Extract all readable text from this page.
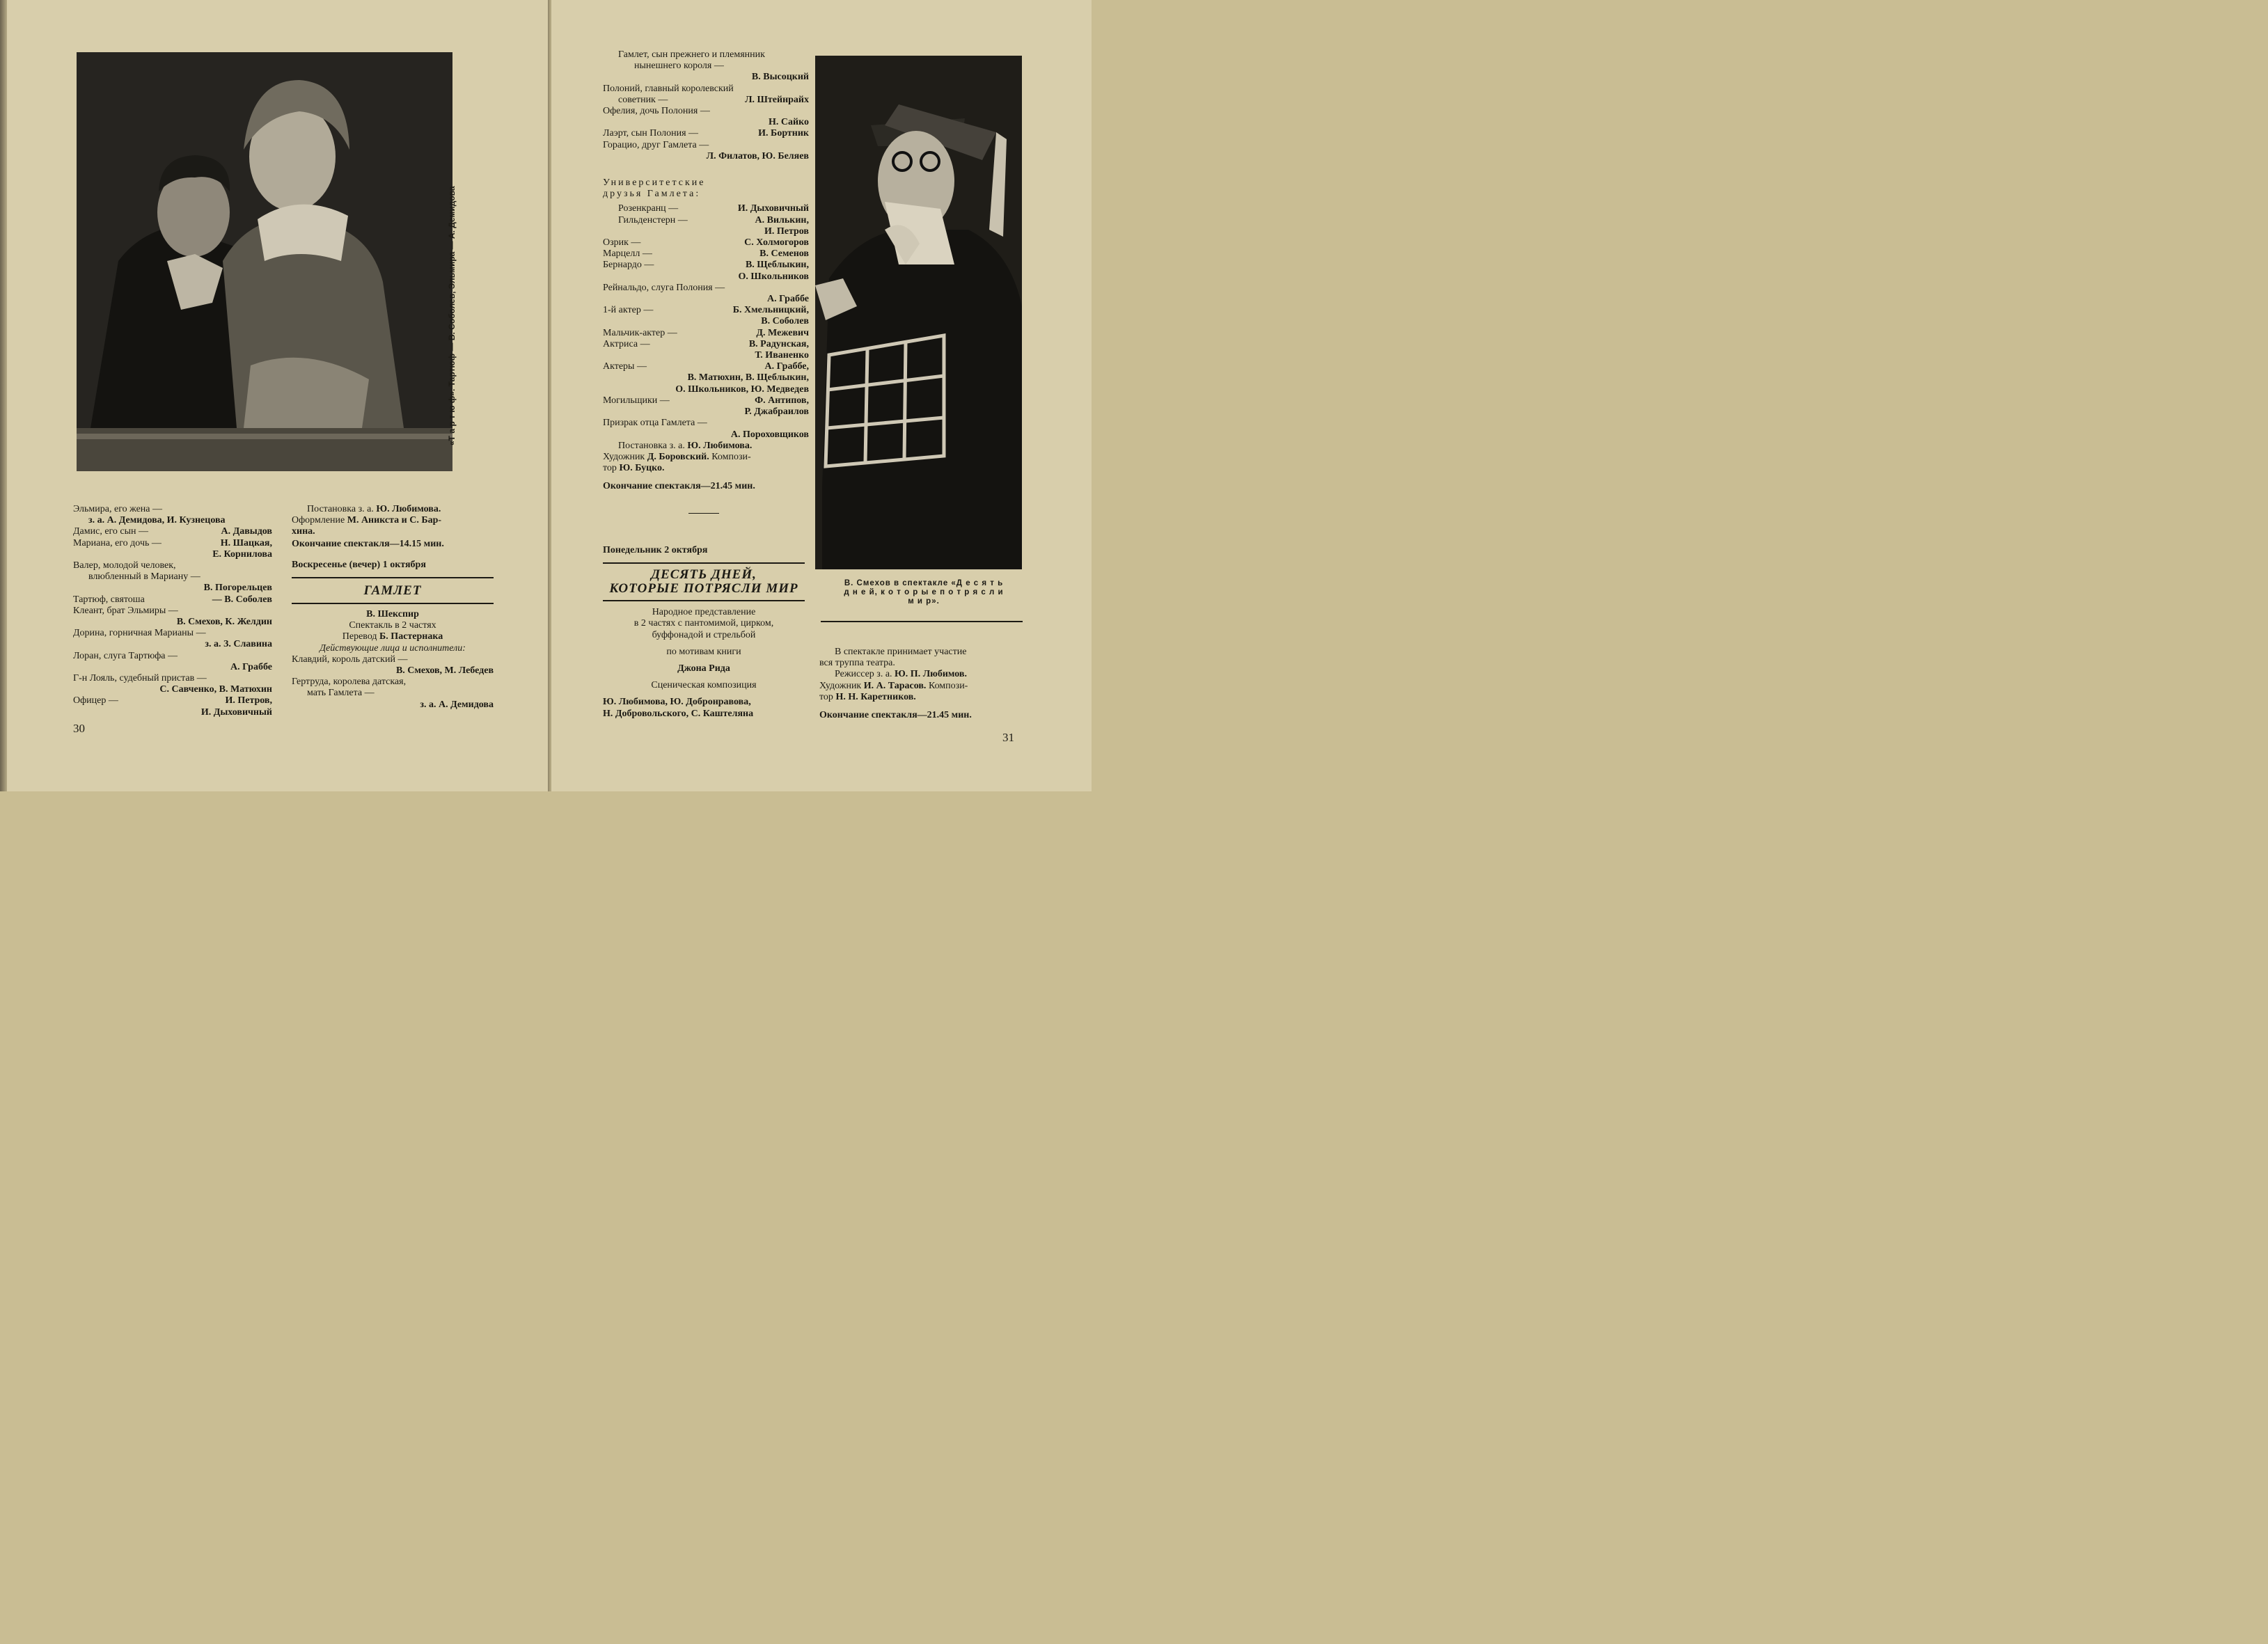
«Т а р т ю ф». Тартюф — В. Соболев, Эльмира — А. Демидова
Эльмира, его жена —
з. а. А. Демидова, И. Кузнецова
Дамис, его сын —	А. Давыдов
Мариана, его дочь —	Н. Шацкая,
Е. Корнилова
Валер, молодой человек,
влюбленный в Мариану —
В. Погорельцев
Тартюф, святоша	— В. Соболев
Клеант, брат Эльмиры —
В. Смехов, К. Желдин
Дорина, горничная Марианы —
з. а. З. Славина
Лоран, слуга Тартюфа —
А. Граббе
Г-н Лояль, судебный пристав —
С. Савченко, В. Матюхин
Офицер —	И. Петров,
И. Дыховичный
Постановка з. а. Ю. Любимова.
Оформление М. Аникста и С. Бар-
хина.
Окончание спектакля—14.15 мин.
Воскресенье (вечер) 1 октября
ГАМЛЕТ
В. Шекспир
Спектакль в 2 частях
Перевод Б. Пастернака
Действующие лица и исполнители:
Клавдий, король датский —
В. Смехов, М. Лебедев
Гертруда, королева датская,
мать Гамлета —
з. а. А. Демидова
30
Гамлет, сын прежнего и племянник
нынешнего короля —
В. Высоцкий
Полоний, главный королевский
советник —	Л. Штейнрайх
Офелия, дочь Полония —
Н. Сайко
Лаэрт, сын Полония —	И. Бортник
Горацио, друг Гамлета —
Л. Филатов, Ю. Беляев
Университетские
друзья Гамлета:
Розенкранц —	И. Дыховичный
Гильденстерн —	А. Вилькин,
И. Петров
Озрик —	С. Холмогоров
Марцелл —	В. Семенов
Бернардо —	В. Щеблыкин,
О. Школьников
Рейнальдо, слуга Полония —
А. Граббе
1-й актер —	Б. Хмельницкий,
В. Соболев
Мальчик-актер —	Д. Межевич
Актриса —	В. Радунская,
Т. Иваненко
Актеры —	А. Граббе,
В. Матюхин, В. Щеблыкин,
О. Школьников, Ю. Медведев
Могильщики —	Ф. Антипов,
Р. Джабраилов
Призрак отца Гамлета —
А. Пороховщиков
Постановка з. а. Ю. Любимова.
Художник Д. Боровский. Компози-
тор Ю. Буцко.
Окончание спектакля—21.45 мин.
Понедельник 2 октября
ДЕСЯТЬ ДНЕЙ,
КОТОРЫЕ ПОТРЯСЛИ МИР
Народное представление
в 2 частях с пантомимой, цирком,
буффонадой и стрельбой
по мотивам книги
Джона Рида
Сценическая композиция
Ю. Любимова, Ю. Добронравова,
Н. Добровольского, С. Каштеляна
В. Смехов в спектакле «Д е с я т ь
д н е й, к о т о р ы е п о т р я с л и
м и р».
В спектакле принимает участие
вся труппа театра.
Режиссер з. а. Ю. П. Любимов.
Художник И. А. Тарасов. Компози-
тор Н. Н. Каретников.
Окончание спектакля—21.45 мин.
31
